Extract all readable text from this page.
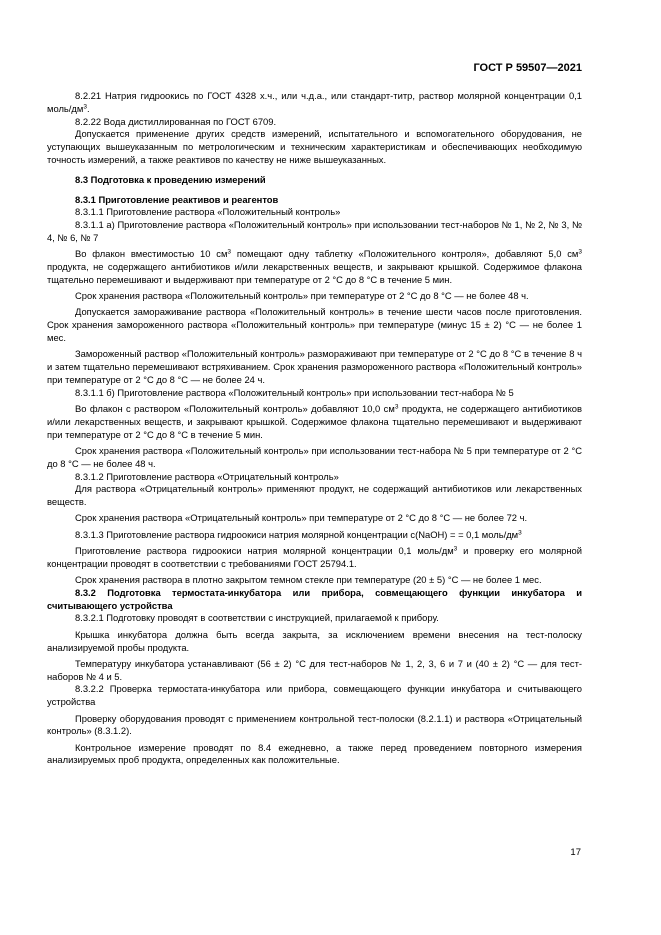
ГОСТ Р 59507—2021

8.2.21 Натрия гидроокись по ГОСТ 4328 х.ч., или ч.д.а., или стандарт-титр, раствор молярной концентрации 0,1 моль/$дм^3$.

8.2.22 Вода дистиллированная по ГОСТ 6709.

Допускается применение других средств измерений, испытательного и вспомогательного оборудования, не уступающих вышеуказанным по метрологическим и техническим характеристикам и обеспечивающих необходимую точность измерений, а также реактивов по качеству не ниже вышеуказанных.

8.3 Подготовка к проведению измерений

8.3.1 Приготовление реактивов и реагентов

8.3.1.1 Приготовление раствора «Положительный контроль»

8.3.1.1 а) Приготовление раствора «Положительный контроль» при использовании тест-наборов № 1, № 2, № 3, № 4, № 6, № 7

Во флакон вместимостью 10 $см^3$ помещают одну таблетку «Положительного контроля», добавляют 5,0 $см^3$ продукта, не содержащего антибиотиков и/или лекарственных веществ, и закрывают крышкой. Содержимое флакона тщательно перемешивают и выдерживают при температуре от 2 °С до 8 °С в течение 5 мин.

Срок хранения раствора «Положительный контроль» при температуре от 2 °С до 8 °С — не более 48 ч.

Допускается замораживание раствора «Положительный контроль» в течение шести часов после приготовления. Срок хранения замороженного раствора «Положительный контроль» при температуре (минус 15 ± 2) °С — не более 1 мес.

Замороженный раствор «Положительный контроль» размораживают при температуре от 2 °С до 8 °С в течение 8 ч и затем тщательно перемешивают встряхиванием. Срок хранения размороженного раствора «Положительный контроль» при температуре от 2 °С до 8 °С — не более 24 ч.

8.3.1.1 б) Приготовление раствора «Положительный контроль» при использовании тест-набора № 5

Во флакон с раствором «Положительный контроль» добавляют 10,0 $см^3$ продукта, не содержащего антибиотиков и/или лекарственных веществ, и закрывают крышкой. Содержимое флакона тщательно перемешивают и выдерживают при температуре от 2 °С до 8 °С в течение 5 мин.

Срок хранения раствора «Положительный контроль» при использовании тест-набора № 5 при температуре от 2 °С до 8 °С — не более 48 ч.

8.3.1.2 Приготовление раствора «Отрицательный контроль»

Для раствора «Отрицательный контроль» применяют продукт, не содержащий антибиотиков или лекарственных веществ.

Срок хранения раствора «Отрицательный контроль» при температуре от 2 °С до 8 °С — не более 72 ч.

8.3.1.3 Приготовление раствора гидроокиси натрия молярной концентрации c(NaOH) = = 0,1 моль/$дм^3$

Приготовление раствора гидроокиси натрия молярной концентрации 0,1 моль/$дм^3$ и проверку его молярной концентрации проводят в соответствии с требованиями ГОСТ 25794.1.

Срок хранения раствора в плотно закрытом темном стекле при температуре (20 ± 5) °С — не более 1 мес.

8.3.2 Подготовка термостата-инкубатора или прибора, совмещающего функции инкубатора и считывающего устройства

8.3.2.1 Подготовку проводят в соответствии с инструкцией, прилагаемой к прибору.

Крышка инкубатора должна быть всегда закрыта, за исключением времени внесения на тест-полоску анализируемой пробы продукта.

Температуру инкубатора устанавливают (56 ± 2) °С для тест-наборов № 1, 2, 3, 6 и 7 и (40 ± 2) °С — для тест-наборов № 4 и 5.

8.3.2.2 Проверка термостата-инкубатора или прибора, совмещающего функции инкубатора и считывающего устройства

Проверку оборудования проводят с применением контрольной тест-полоски (8.2.1.1) и раствора «Отрицательный контроль» (8.3.1.2).

Контрольное измерение проводят по 8.4 ежедневно, а также перед проведением повторного измерения анализируемых проб продукта, определенных как положительные.

17
